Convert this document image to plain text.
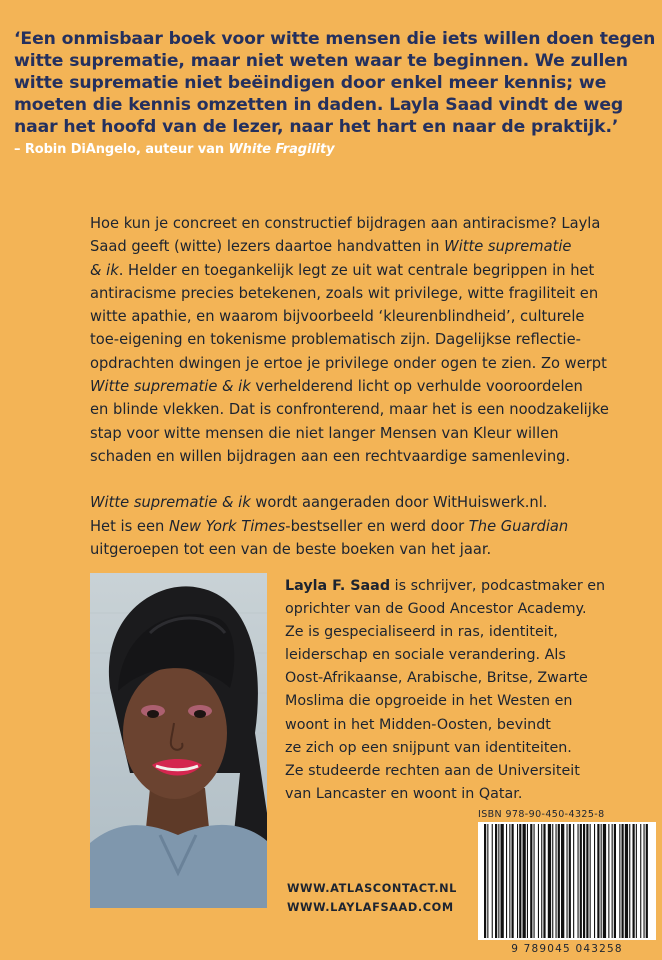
‘Een onmisbaar boek voor witte mensen die iets willen doen tegen
witte suprematie, maar niet weten waar te beginnen. We zullen
witte suprematie niet beëindigen door enkel meer kennis; we
moeten die kennis omzetten in daden. Layla Saad vindt de weg
naar het hoofd van de lezer, naar het hart en naar de praktijk.’
– Robin DiAngelo, auteur van White Fragility
Hoe kun je concreet en constructief bijdragen aan antiracisme? Layla
Saad geeft (witte) lezers daartoe handvatten in Witte suprematie
& ik. Helder en toegankelijk legt ze uit wat centrale begrippen in het
antiracisme precies betekenen, zoals wit privilege, witte fragiliteit en
witte apathie, en waarom bijvoorbeeld ‘kleurenblindheid’, culturele
toe-eigening en tokenisme problematisch zijn. Dagelijkse reflectie-
opdrachten dwingen je ertoe je privilege onder ogen te zien. Zo werpt
Witte suprematie & ik verhelderend licht op verhulde vooroordelen
en blinde vlekken. Dat is confronterend, maar het is een noodzakelijke
stap voor witte mensen die niet langer Mensen van Kleur willen
schaden en willen bijdragen aan een rechtvaardige samenleving.
Witte suprematie & ik wordt aangeraden door WitHuiswerk.nl.
Het is een New York Times-bestseller en werd door The Guardian
uitgeroepen tot een van de beste boeken van het jaar.
Layla F. Saad is schrijver, podcastmaker en
oprichter van de Good Ancestor Academy.
Ze is gespecialiseerd in ras, identiteit,
leiderschap en sociale verandering. Als
Oost-Afrikaanse, Arabische, Britse, Zwarte
Moslima die opgroeide in het Westen en
woont in het Midden-Oosten, bevindt
ze zich op een snijpunt van identiteiten.
Ze studeerde rechten aan de Universiteit
van Lancaster en woont in Qatar.
WWW.ATLASCONTACT.NL
WWW.LAYLAFSAAD.COM
ISBN 978-90-450-4325-8
9 789045 043258
